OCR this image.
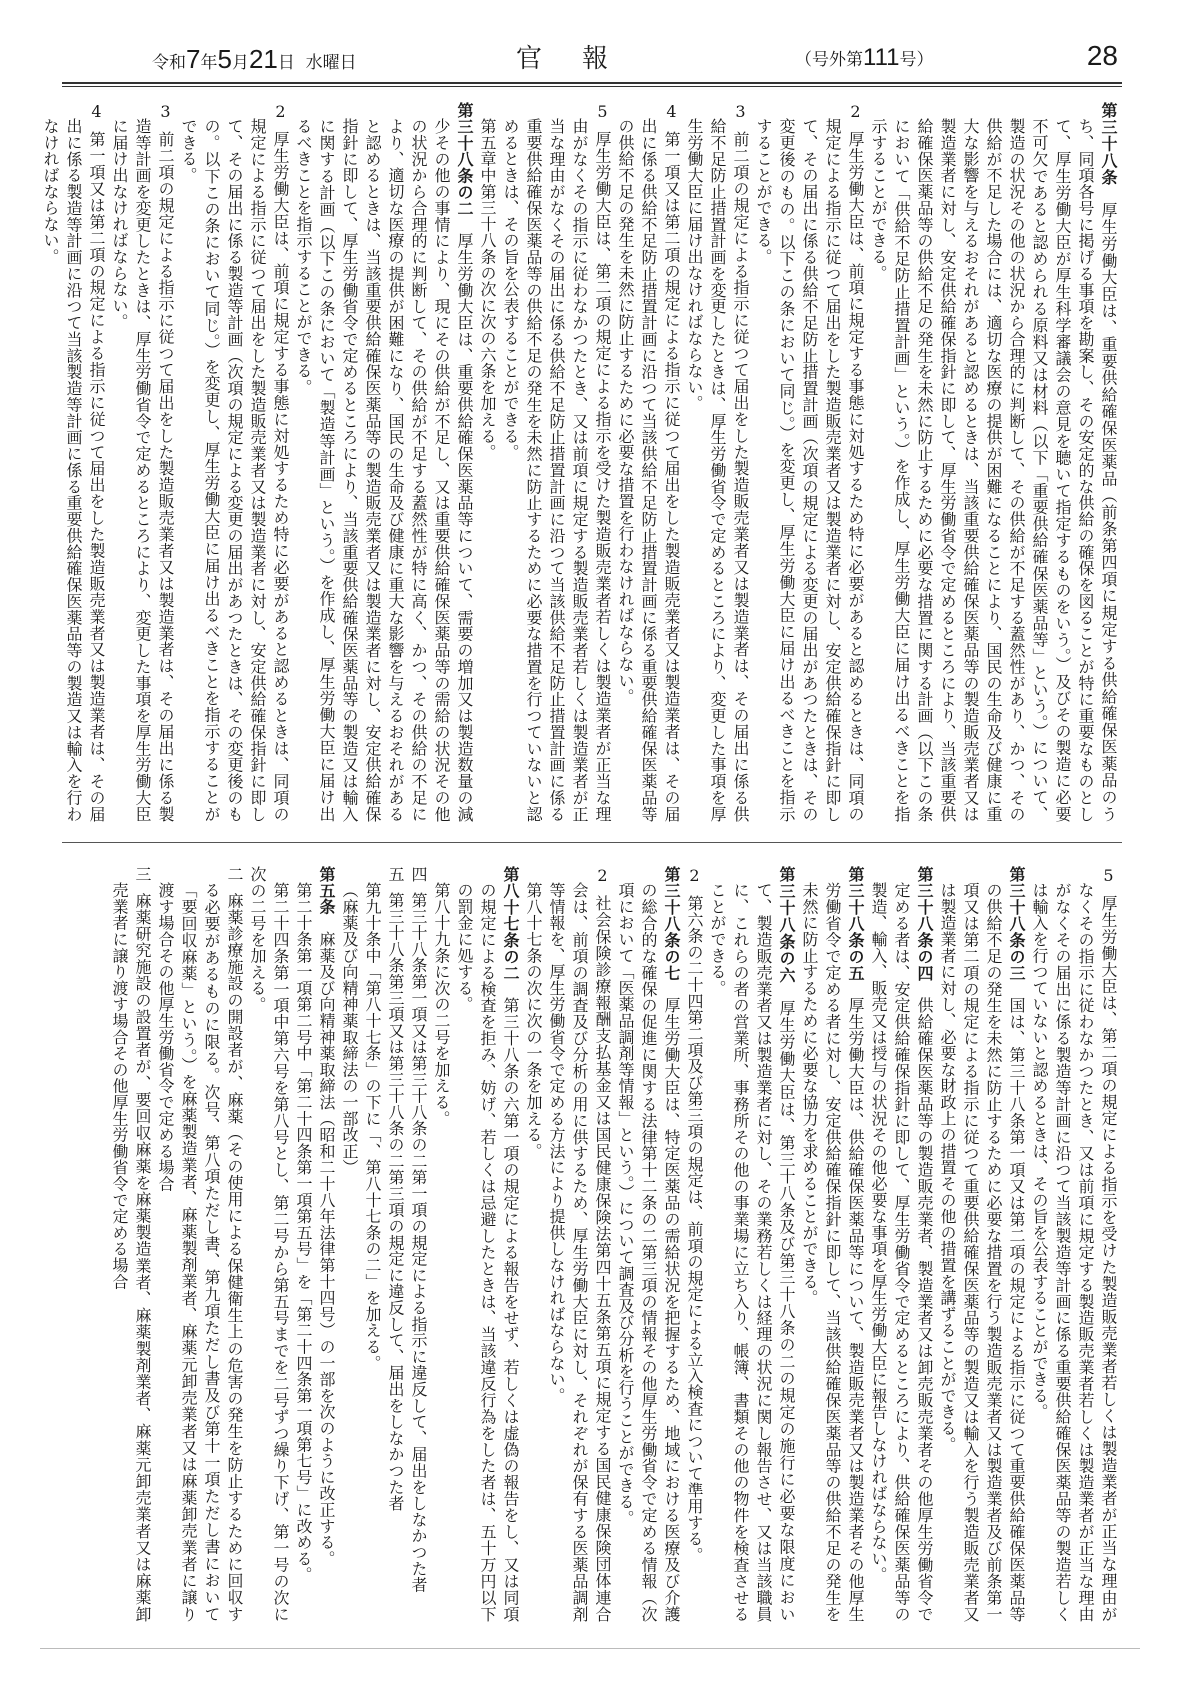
令和7年5月21日 水曜日	官報	（号外第111号）	28

第三十八条厚生労働大臣は、重要供給確保医薬品（前条第四項に規定する供給確保医薬品のうち、同項各号に掲げる事項を勘案し、その安定的な供給の確保を図ることが特に重要なものとして、厚生労働大臣が厚生科学審議会の意見を聴いて指定するものをいう。）及びその製造に必要不可欠であると認められる原料又は材料（以下「重要供給確保医薬品等」という。）について、製造の状況その他の状況から合理的に判断して、その供給が不足する蓋然性があり、かつ、その供給が不足した場合には、適切な医療の提供が困難になることにより、国民の生命及び健康に重大な影響を与えるおそれがあると認めるときは、当該重要供給確保医薬品等の製造販売業者又は製造業者に対し、安定供給確保指針に即して、厚生労働省令で定めるところにより、当該重要供給確保医薬品等の供給不足の発生を未然に防止するために必要な措置に関する計画（以下この条において「供給不足防止措置計画」という。）を作成し、厚生労働大臣に届け出るべきことを指示することができる。

2厚生労働大臣は、前項に規定する事態に対処するため特に必要があると認めるときは、同項の規定による指示に従つて届出をした製造販売業者又は製造業者に対し、安定供給確保指針に即して、その届出に係る供給不足防止措置計画（次項の規定による変更の届出があつたときは、その変更後のもの。以下この条において同じ。）を変更し、厚生労働大臣に届け出るべきことを指示することができる。

3前二項の規定による指示に従つて届出をした製造販売業者又は製造業者は、その届出に係る供給不足防止措置計画を変更したときは、厚生労働省令で定めるところにより、変更した事項を厚生労働大臣に届け出なければならない。

4第一項又は第二項の規定による指示に従つて届出をした製造販売業者又は製造業者は、その届出に係る供給不足防止措置計画に沿つて当該供給不足防止措置計画に係る重要供給確保医薬品等の供給不足の発生を未然に防止するために必要な措置を行わなければならない。

5厚生労働大臣は、第二項の規定による指示を受けた製造販売業者若しくは製造業者が正当な理由がなくその指示に従わなかつたとき、又は前項に規定する製造販売業者若しくは製造業者が正当な理由がなくその届出に係る供給不足防止措置計画に沿つて当該供給不足防止措置計画に係る重要供給確保医薬品等の供給不足の発生を未然に防止するために必要な措置を行つていないと認めるときは、その旨を公表することができる。

第五章中第三十八条の次に次の六条を加える。

第三十八条の二厚生労働大臣は、重要供給確保医薬品等について、需要の増加又は製造数量の減少その他の事情により、現にその供給が不足し、又は重要供給確保医薬品等の需給の状況その他の状況から合理的に判断して、その供給が不足する蓋然性が特に高く、かつ、その供給の不足により、適切な医療の提供が困難になり、国民の生命及び健康に重大な影響を与えるおそれがあると認めるときは、当該重要供給確保医薬品等の製造販売業者又は製造業者に対し、安定供給確保指針に即して、厚生労働省令で定めるところにより、当該重要供給確保医薬品等の製造又は輸入に関する計画（以下この条において「製造等計画」という。）を作成し、厚生労働大臣に届け出るべきことを指示することができる。

2厚生労働大臣は、前項に規定する事態に対処するため特に必要があると認めるときは、同項の規定による指示に従つて届出をした製造販売業者又は製造業者に対し、安定供給確保指針に即して、その届出に係る製造等計画（次項の規定による変更の届出があつたときは、その変更後のもの。以下この条において同じ。）を変更し、厚生労働大臣に届け出るべきことを指示することができる。

3前二項の規定による指示に従つて届出をした製造販売業者又は製造業者は、その届出に係る製造等計画を変更したときは、厚生労働省令で定めるところにより、変更した事項を厚生労働大臣に届け出なければならない。

4第一項又は第二項の規定による指示に従つて届出をした製造販売業者又は製造業者は、その届出に係る製造等計画に沿つて当該製造等計画に係る重要供給確保医薬品等の製造又は輸入を行わなければならない。

5厚生労働大臣は、第二項の規定による指示を受けた製造販売業者若しくは製造業者が正当な理由がなくその指示に従わなかつたとき、又は前項に規定する製造販売業者若しくは製造業者が正当な理由がなくその届出に係る製造等計画に沿つて当該製造等計画に係る重要供給確保医薬品等の製造若しくは輸入を行つていないと認めるときは、その旨を公表することができる。

第三十八条の三国は、第三十八条第一項又は第二項の規定による指示に従つて重要供給確保医薬品等の供給不足の発生を未然に防止するために必要な措置を行う製造販売業者又は製造業者及び前条第一項又は第二項の規定による指示に従つて重要供給確保医薬品等の製造又は輸入を行う製造販売業者又は製造業者に対し、必要な財政上の措置その他の措置を講ずることができる。

第三十八条の四供給確保医薬品等の製造販売業者、製造業者又は卸売販売業者その他厚生労働省令で定める者は、安定供給確保指針に即して、厚生労働省令で定めるところにより、供給確保医薬品等の製造、輸入、販売又は授与の状況その他必要な事項を厚生労働大臣に報告しなければならない。

第三十八条の五厚生労働大臣は、供給確保医薬品等について、製造販売業者又は製造業者その他厚生労働省令で定める者に対し、安定供給確保指針に即して、当該供給確保医薬品等の供給不足の発生を未然に防止するために必要な協力を求めることができる。

第三十八条の六厚生労働大臣は、第三十八条及び第三十八条の二の規定の施行に必要な限度において、製造販売業者又は製造業者に対し、その業務若しくは経理の状況に関し報告させ、又は当該職員に、これらの者の営業所、事務所その他の事業場に立ち入り、帳簿、書類その他の物件を検査させることができる。

2第六条の二十四第二項及び第三項の規定は、前項の規定による立入検査について準用する。

第三十八条の七厚生労働大臣は、特定医薬品の需給状況を把握するため、地域における医療及び介護の総合的な確保の促進に関する法律第十二条の二第三項の情報その他厚生労働省令で定める情報（次項において「医薬品調剤等情報」という。）について調査及び分析を行うことができる。

2社会保険診療報酬支払基金又は国民健康保険法第四十五条第五項に規定する国民健康保険団体連合会は、前項の調査及び分析の用に供するため、厚生労働大臣に対し、それぞれが保有する医薬品調剤等情報を、厚生労働省令で定める方法により提供しなければならない。

第八十七条の次に次の一条を加える。

第八十七条の二第三十八条の六第一項の規定による報告をせず、若しくは虚偽の報告をし、又は同項の規定による検査を拒み、妨げ、若しくは忌避したときは、当該違反行為をした者は、五十万円以下の罰金に処する。

第八十九条に次の二号を加える。

四第三十八条第一項又は第三十八条の二第一項の規定による指示に違反して、届出をしなかつた者

五第三十八条第三項又は第三十八条の二第三項の規定に違反して、届出をしなかつた者

第九十条中「第八十七条」の下に「、第八十七条の二」を加える。

（麻薬及び向精神薬取締法の一部改正）

第五条麻薬及び向精神薬取締法（昭和二十八年法律第十四号）の一部を次のように改正する。

第二十条第一項第二号中「第二十四条第一項第五号」を「第二十四条第一項第七号」に改める。

第二十四条第一項中第六号を第八号とし、第二号から第五号までを二号ずつ繰り下げ、第一号の次に次の二号を加える。

二麻薬診療施設の開設者が、麻薬（その使用による保健衛生上の危害の発生を防止するために回収する必要があるものに限る。次号、第八項ただし書、第九項ただし書及び第十一項ただし書において「要回収麻薬」という。）を麻薬製造業者、麻薬製剤業者、麻薬元卸売業者又は麻薬卸売業者に譲り渡す場合その他厚生労働省令で定める場合

三麻薬研究施設の設置者が、要回収麻薬を麻薬製造業者、麻薬製剤業者、麻薬元卸売業者又は麻薬卸売業者に譲り渡す場合その他厚生労働省令で定める場合
